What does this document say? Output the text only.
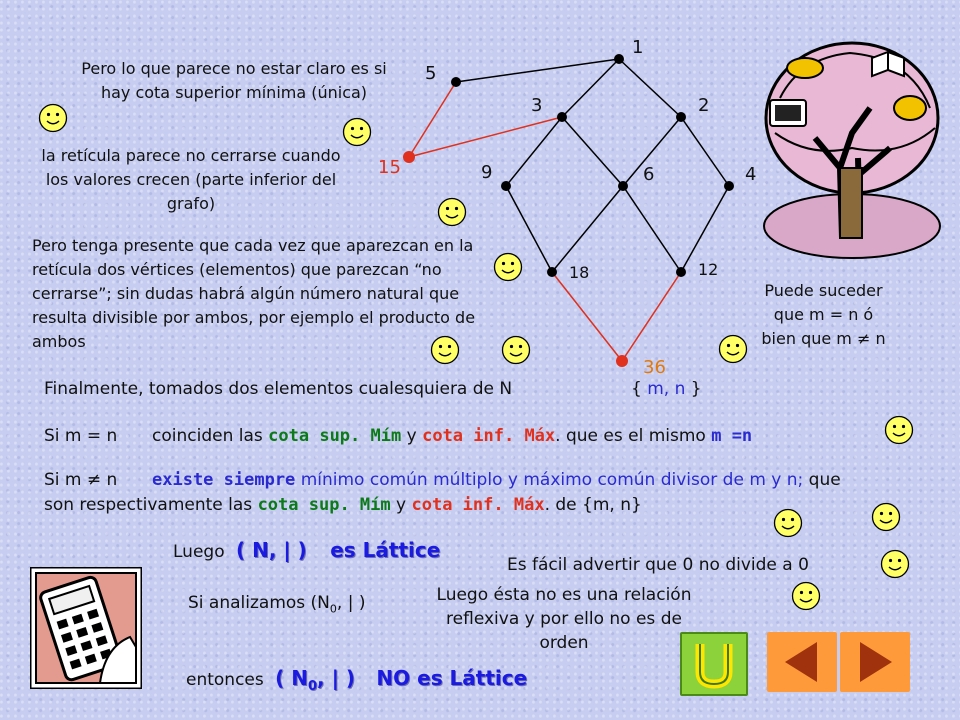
1
5
3	2
15	9	6	4
18	12
36
Pero lo que parece no estar claro es si hay cota superior mínima (única)
la retícula parece no cerrarse cuando los valores crecen (parte inferior del grafo)
Pero tenga presente que cada vez que aparezcan en la retícula dos vértices (elementos) que parezcan “no cerrarse”; sin dudas habrá algún número natural que resulta divisible por ambos, por ejemplo el producto de ambos
Puede suceder que m = n ó bien que m ≠ n
Finalmente, tomados dos elementos cualesquiera de N	{ m, n }
Si m = n coinciden las cota sup. Mím y cota inf. Máx. que es el mismo m =n
Si m ≠ n existe siempre mínimo común múltiplo y máximo común divisor de m y n; que
son respectivamente las cota sup. Mím y cota inf. Máx. de {m, n}
Luego ( N, | ) es Láttice
Es fácil advertir que 0 no divide a 0
Si analizamos ($N_0$, | )	Luego ésta no es una relación reflexiva y por ello no es de orden
entonces ( $N_0$, | ) NO es Láttice
